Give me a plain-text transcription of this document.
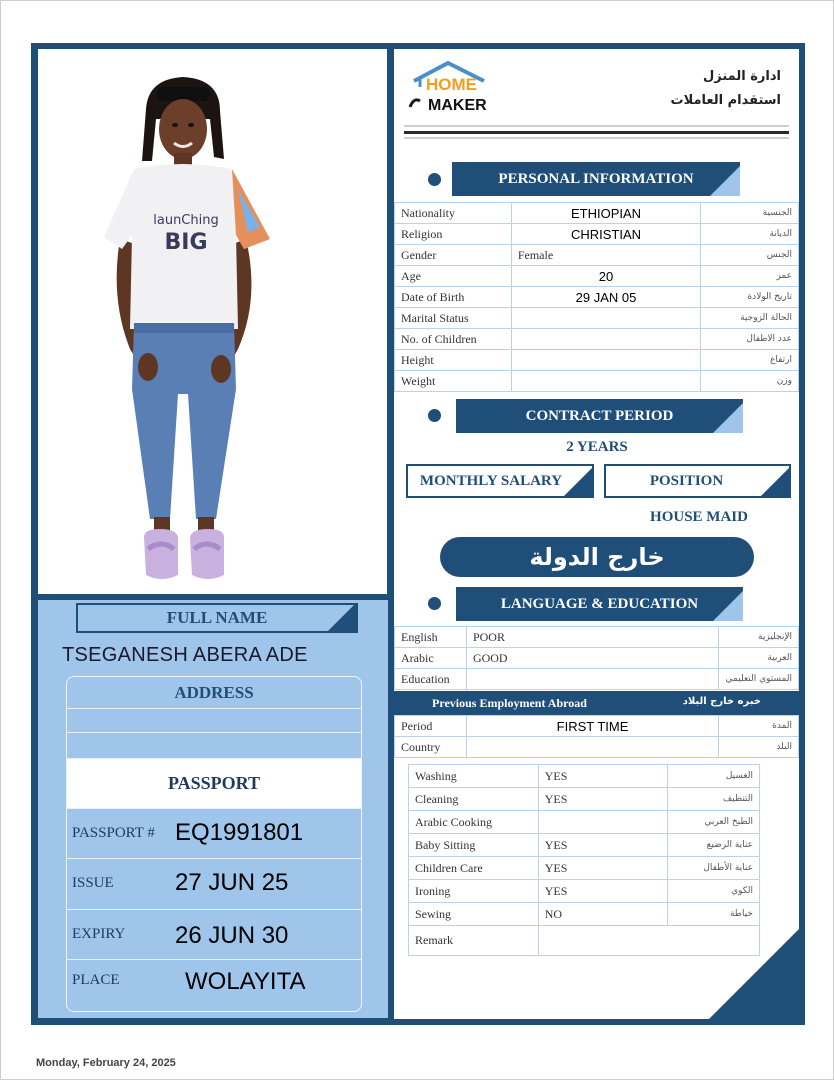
launChing
BIG
FULL NAME
TSEGANESH ABERA ADE
ADDRESS
PASSPORT
PASSPORT # EQ1991801
ISSUE	27 JUN 25
EXPIRY 26 JUN 30
PLACE	WOLAYITA
HOME
MAKER
ادارة المنزل
استقدام العاملات
PERSONAL INFORMATION
Nationality	ETHIOPIAN	الجنسية
Religion	CHRISTIAN	الديانة
Gender	Female	الجنس
Age	20	عمر
Date of Birth	29 JAN 05	تاريخ الولادة
Marital Status		الحالة الزوجية
No. of Children		عدد الاطفال
Height		ارتفاع
Weight		وزن
CONTRACT PERIOD
2 YEARS
MONTHLY SALARY	POSITION
HOUSE MAID
خارج الدولة
LANGUAGE & EDUCATION
English	POOR	الإنجليزية
Arabic	GOOD	العربية
Education		المستوي التعليمي
Previous Employment Abroad	خبره خارج البلاد
Period	FIRST TIME	المدة
Country		البلد
Washing	YES	الغسيل
Cleaning	YES	التنظيف
Arabic Cooking		الطبخ العربي
Baby Sitting	YES	عناية الرضيع
Children Care	YES	عناية الأطفال
Ironing	YES	الكوي
Sewing	NO	خياطة
Remark		
Monday, February 24, 2025
